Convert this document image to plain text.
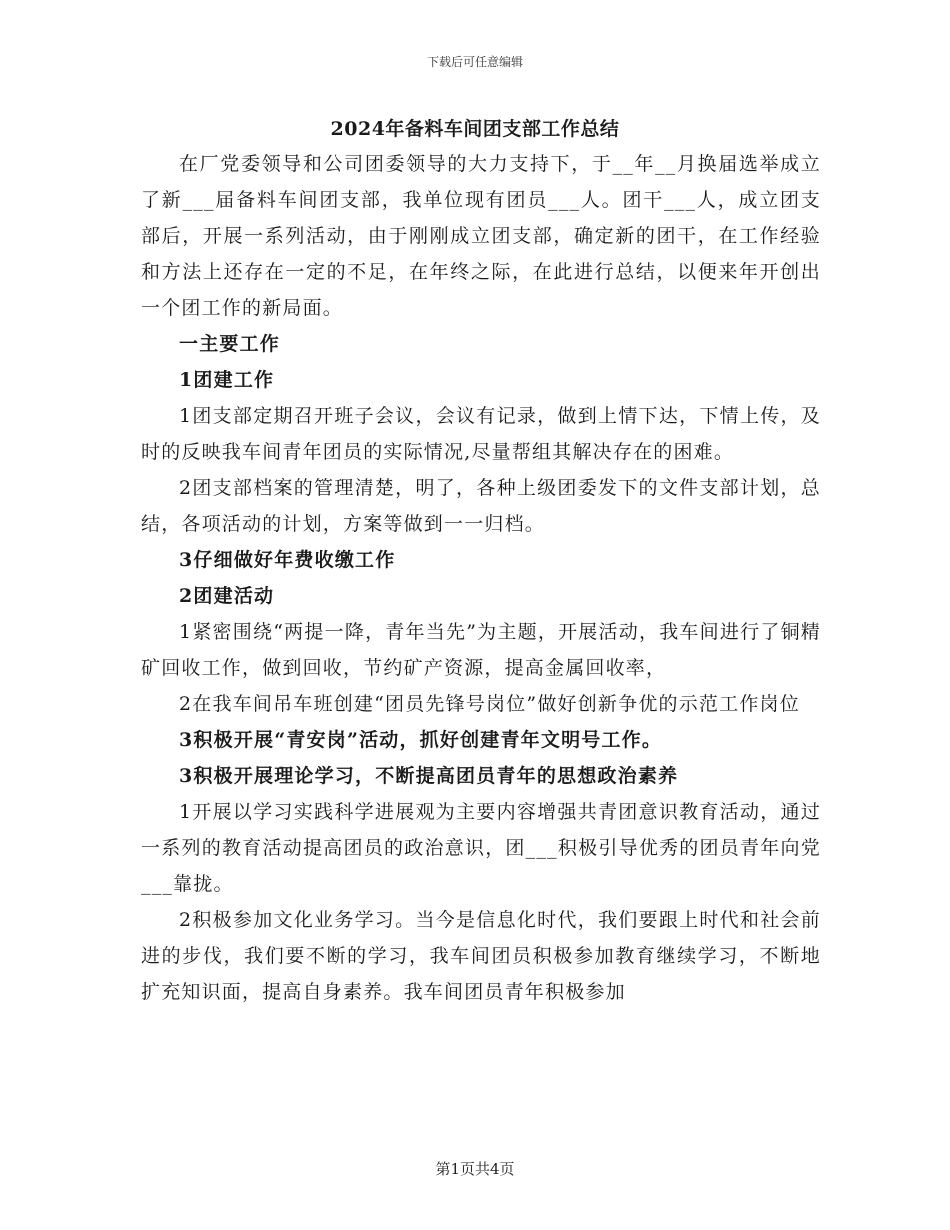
下载后可任意编辑
2024年备料车间团支部工作总结

在厂党委领导和公司团委领导的大力支持下，于__年__月换届选举成立了新___届备料车间团支部，我单位现有团员___人。团干___人，成立团支部后，开展一系列活动，由于刚刚成立团支部，确定新的团干，在工作经验和方法上还存在一定的不足，在年终之际，在此进行总结，以便来年开创出一个团工作的新局面。

一主要工作

1团建工作

1团支部定期召开班子会议，会议有记录，做到上情下达，下情上传，及时的反映我车间青年团员的实际情况,尽量帮组其解决存在的困难。

2团支部档案的管理清楚，明了，各种上级团委发下的文件支部计划，总结，各项活动的计划，方案等做到一一归档。

3仔细做好年费收缴工作

2团建活动

1紧密围绕“两提一降，青年当先”为主题，开展活动，我车间进行了铜精矿回收工作，做到回收，节约矿产资源，提高金属回收率，

2在我车间吊车班创建“团员先锋号岗位”做好创新争优的示范工作岗位

3积极开展“青安岗”活动，抓好创建青年文明号工作。

3积极开展理论学习，不断提高团员青年的思想政治素养

1开展以学习实践科学进展观为主要内容增强共青团意识教育活动，通过一系列的教育活动提高团员的政治意识，团___积极引导优秀的团员青年向党___靠拢。

2积极参加文化业务学习。当今是信息化时代，我们要跟上时代和社会前进的步伐，我们要不断的学习，我车间团员积极参加教育继续学习，不断地扩充知识面，提高自身素养。我车间团员青年积极参加

第1页共4页
